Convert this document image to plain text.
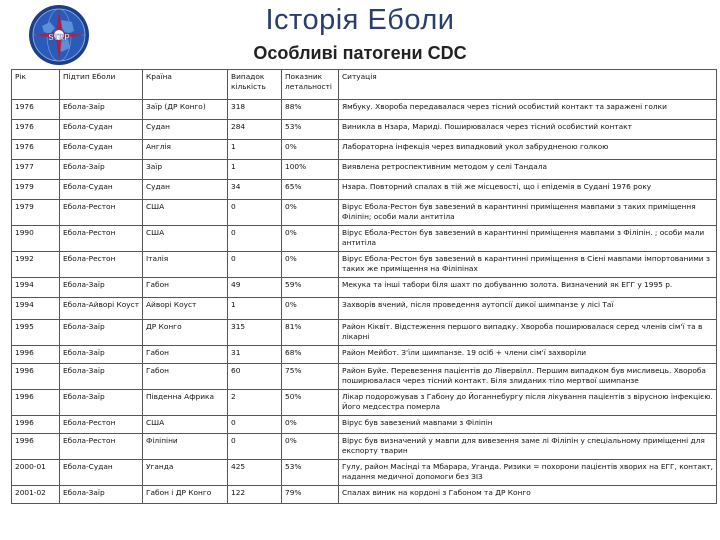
STRP
Історія Еболи
Особливі патогени CDC
Рік	Підтип Еболи	Країна	Випадок кількість	Показник летальності	Ситуація
1976	Ебола-Заїр	Заїр (ДР Конго)	318	88%	Ямбуку. Хвороба передавалася через тісний особистий контакт та заражені голки
1976	Ебола-Судан	Судан	284	53%	Виникла в Нзара, Мариді. Поширювалася через тісний особистий контакт
1976	Ебола-Судан	Англія	1	0%	Лабораторна інфекція через випадковий укол забрудненою голкою
1977	Ебола-Заїр	Заїр	1	100%	Виявлена ретроспективним методом у селі Тандала
1979	Ебола-Судан	Судан	34	65%	Нзара. Повторний спалах в тій же місцевості, що і епідемія в Судані 1976 року
1979	Ебола-Рестон	США	0	0%	Вірус Ебола-Рестон був завезений в карантинні приміщення мавпами з таких приміщення Філіпін; особи мали антитіла
1990	Ебола-Рестон	США	0	0%	Вірус Ебола-Рестон був завезений в карантинні приміщення мавпами з Філіпін. ; особи мали антитіла
1992	Ебола-Рестон	Італія	0	0%	Вірус Ебола-Рестон був завезений в карантинні приміщення в Сієні мавпами імпортованими з таких же приміщення на Філіпінах
1994	Ебола-Заїр	Габон	49	59%	Мекука та інші табори біля шахт по добуванню золота. Визначений як ЕГГ у 1995 р.
1994	Ебола-Айворі Коуст	Айворі Коуст	1	0%	Захворів вчений, після проведення аутопсії дикої шимпанзе у лісі Таї
1995	Ебола-Заїр	ДР Конго	315	81%	Район Кіквіт. Відстеження першого випадку. Хвороба поширювалася серед членів сім'ї та в лікарні
1996	Ебола-Заїр	Габон	31	68%	Район Мейбот. З'їли шимпанзе. 19 осіб + члени сім'ї захворіли
1996	Ебола-Заїр	Габон	60	75%	Район Буйе. Перевезення пацієнтів до Лівервілл. Першим випадком був мисливець. Хвороба поширювалася через тісний контакт. Біля злиданих тіло мертвої шимпанзе
1996	Ебола-Заїр	Південна Африка	2	50%	Лікар подорожував з Габону до Йоганнебургу після лікування пацієнтів з вірусною інфекцією. Його медсестра померла
1996	Ебола-Рестон	США	0	0%	Вірус був завезений мавпами з Філіпін
1996	Ебола-Рестон	Філіпіни	0	0%	Вірус був визначений у мавпи для вивезення заме лі Філіпін у спеціальному приміщенні для експорту тварин
2000-01	Ебола-Судан	Уганда	425	53%	Гулу, район Масінді та Мбарара, Уганда. Ризики = похорони пацієнтів хворих на ЕГГ, контакт, надання медичної допомоги без ЗІЗ
2001-02	Ебола-Заїр	Габон і ДР Конго	122	79%	Спалах виник на кордоні з Габоном та ДР Конго
